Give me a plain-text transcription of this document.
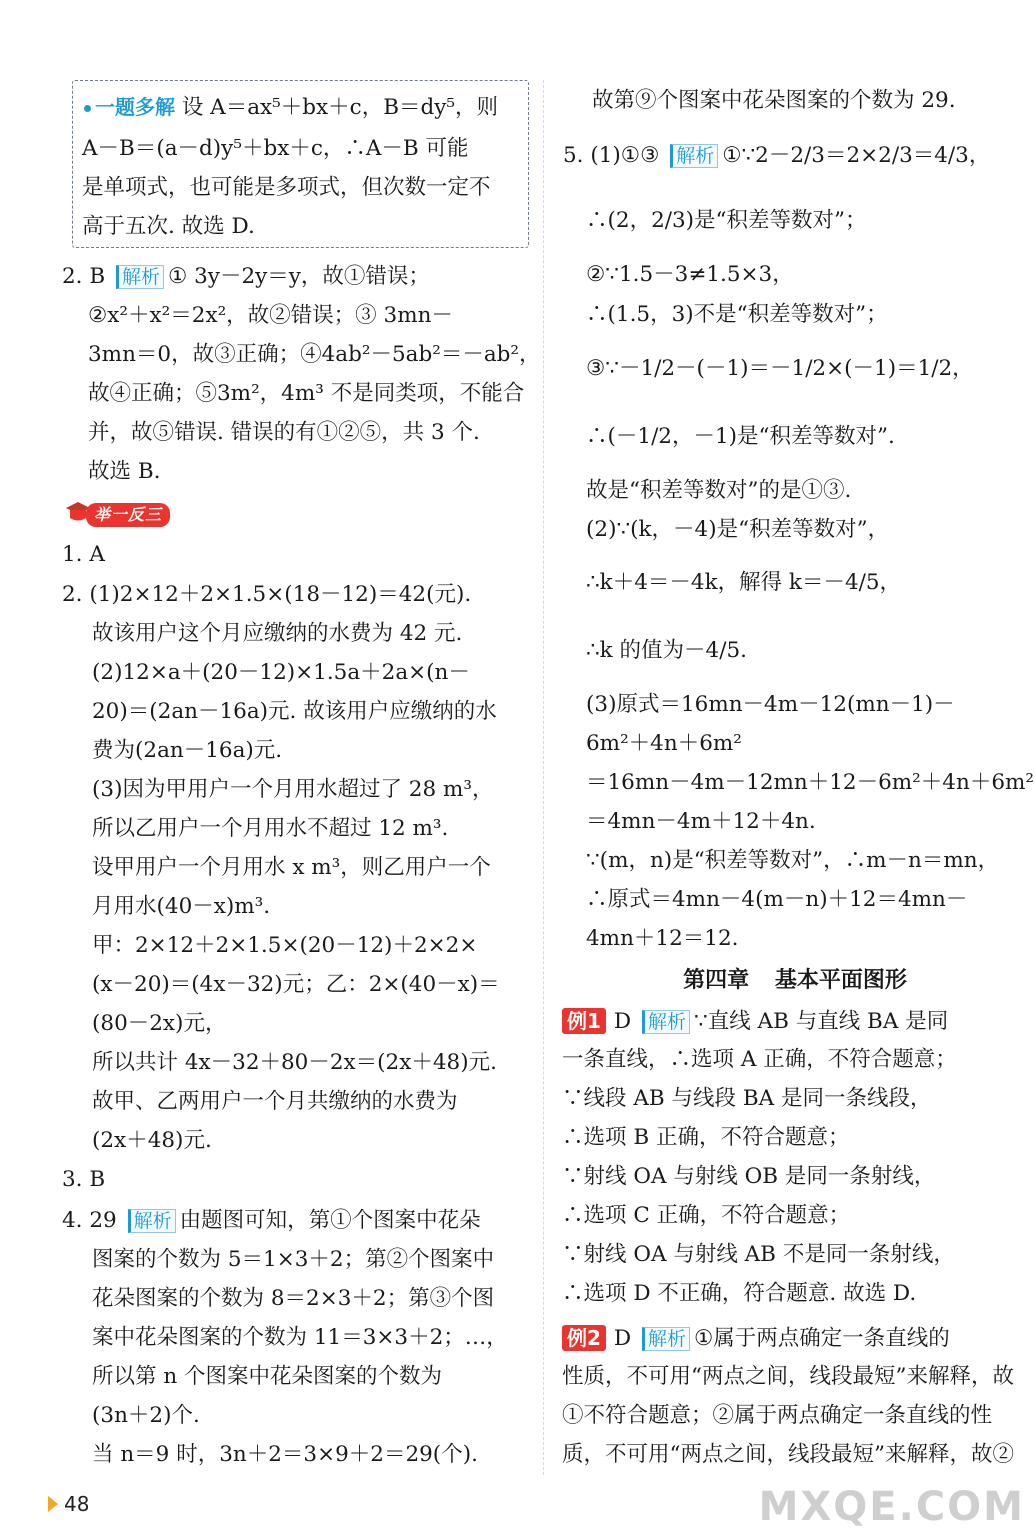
一题多解 设 A＝ax⁵＋bx＋c，B＝dy⁵，则
A－B＝(a－d)y⁵＋bx＋c，∴A－B 可能
是单项式，也可能是多项式，但次数一定不
高于五次. 故选 D.
2. B 解析 ① 3y－2y＝y，故①错误；
②x²＋x²＝2x²，故②错误；③ 3mn－
3mn＝0，故③正确；④4ab²－5ab²＝－ab²，
故④正确；⑤3m²，4m³ 不是同类项，不能合
并，故⑤错误. 错误的有①②⑤，共 3 个.
故选 B.
举一反三
1. A
2. (1)2×12＋2×1.5×(18－12)＝42(元).
故该用户这个月应缴纳的水费为 42 元.
(2)12×a＋(20－12)×1.5a＋2a×(n－
20)＝(2an－16a)元. 故该用户应缴纳的水
费为(2an－16a)元.
(3)因为甲用户一个月用水超过了 28 m³，
所以乙用户一个月用水不超过 12 m³.
设甲用户一个月用水 x m³，则乙用户一个
月用水(40－x)m³.
甲：2×12＋2×1.5×(20－12)＋2×2×
(x－20)＝(4x－32)元；乙：2×(40－x)＝
(80－2x)元，
所以共计 4x－32＋80－2x＝(2x＋48)元.
故甲、乙两用户一个月共缴纳的水费为
(2x＋48)元.
3. B
4. 29 解析 由题图可知，第①个图案中花朵
图案的个数为 5＝1×3＋2；第②个图案中
花朵图案的个数为 8＝2×3＋2；第③个图
案中花朵图案的个数为 11＝3×3＋2；…，
所以第 n 个图案中花朵图案的个数为
(3n＋2)个.
当 n＝9 时，3n＋2＝3×9＋2＝29(个).
故第⑨个图案中花朵图案的个数为 29.
5. (1)①③ 解析 ①∵2－2/3＝2×2/3＝4/3，
∴(2，2/3)是“积差等数对”；
②∵1.5－3≠1.5×3，
∴(1.5，3)不是“积差等数对”；
③∵－1/2－(－1)＝－1/2×(－1)＝1/2，
∴(－1/2，－1)是“积差等数对”.
故是“积差等数对”的是①③.
(2)∵(k，－4)是“积差等数对”，
∴k＋4＝－4k，解得 k＝－4/5，
∴k 的值为－4/5.
(3)原式＝16mn－4m－12(mn－1)－
6m²＋4n＋6m²
＝16mn－4m－12mn＋12－6m²＋4n＋6m²
＝4mn－4m＋12＋4n.
∵(m，n)是“积差等数对”，∴m－n＝mn，
∴原式＝4mn－4(m－n)＋12＝4mn－
4mn＋12＝12.
第四章 基本平面图形
例1 D 解析 ∵直线 AB 与直线 BA 是同
一条直线，∴选项 A 正确，不符合题意；
∵线段 AB 与线段 BA 是同一条线段，
∴选项 B 正确，不符合题意；
∵射线 OA 与射线 OB 是同一条射线，
∴选项 C 正确，不符合题意；
∵射线 OA 与射线 AB 不是同一条射线，
∴选项 D 不正确，符合题意. 故选 D.
例2 D 解析 ①属于两点确定一条直线的
性质，不可用“两点之间，线段最短”来解释，故
①不符合题意；②属于两点确定一条直线的性
质，不可用“两点之间，线段最短”来解释，故②
48	MXQE.COM
